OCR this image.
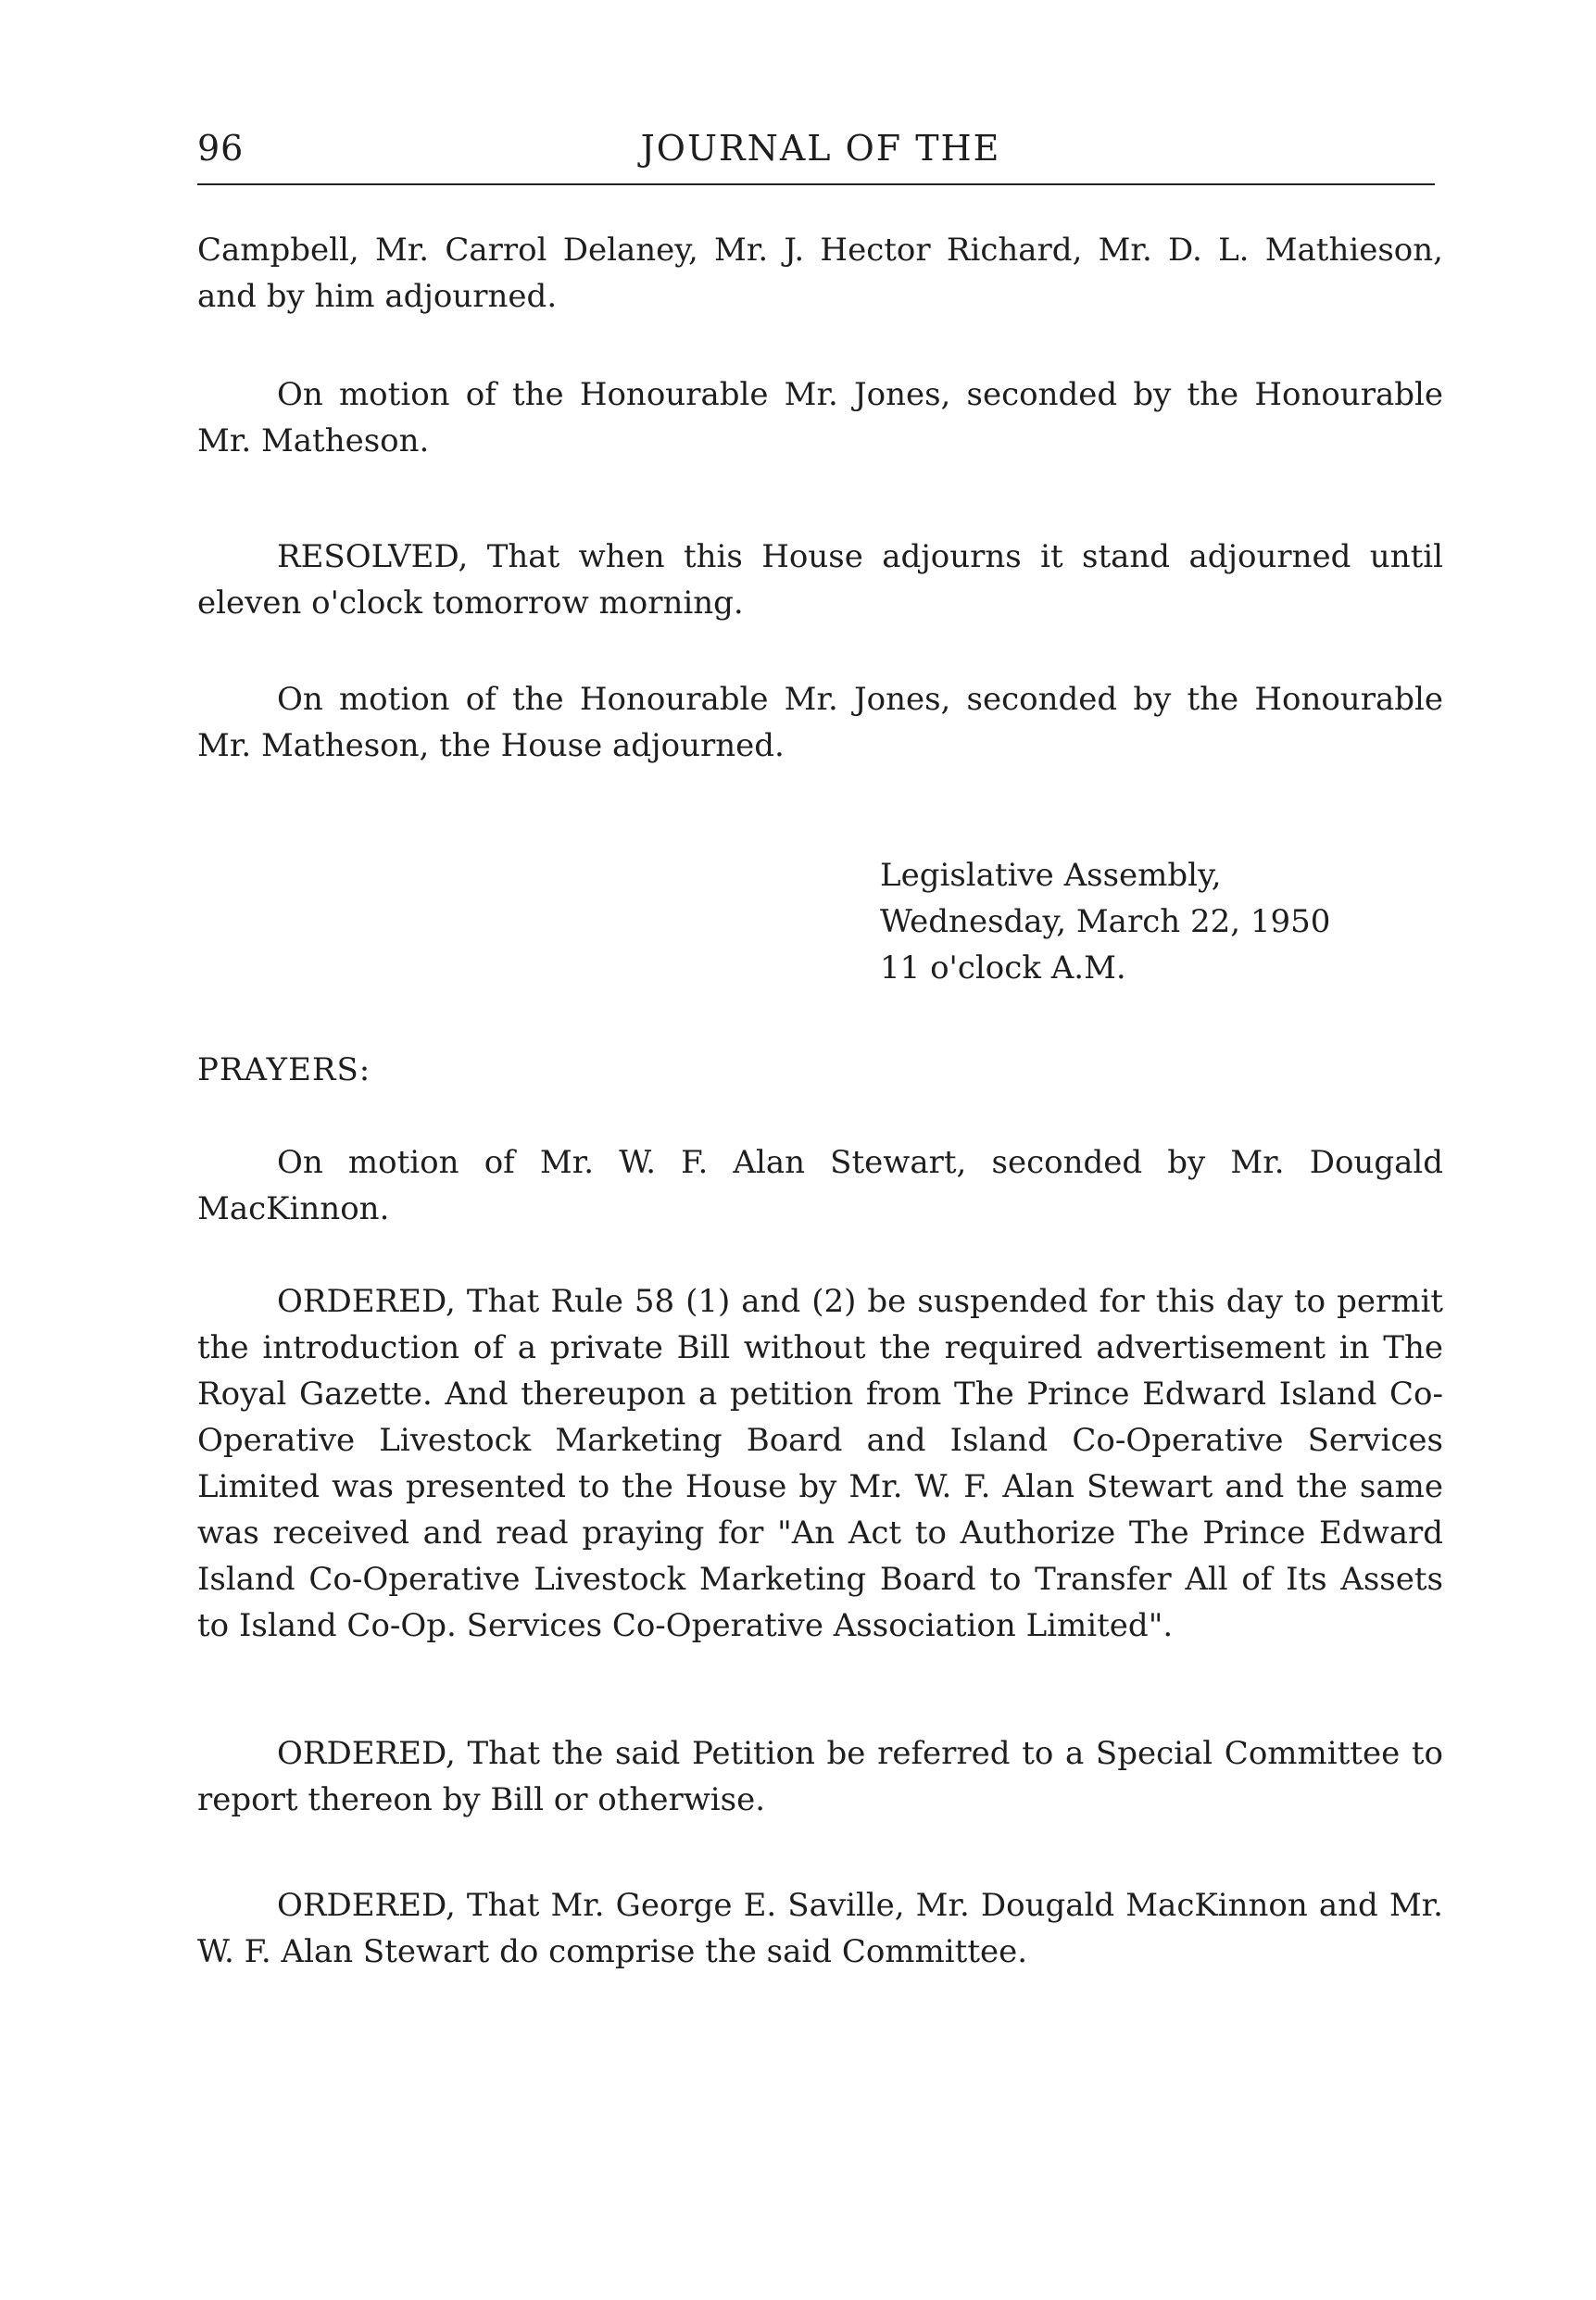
96	JOURNAL OF THE

Campbell, Mr. Carrol Delaney, Mr. J. Hector Richard, Mr. D. L. Mathieson, and by him adjourned.

On motion of the Honourable Mr. Jones, seconded by the Honourable Mr. Matheson.

RESOLVED, That when this House adjourns it stand adjourned until eleven o'clock tomorrow morning.

On motion of the Honourable Mr. Jones, seconded by the Honourable Mr. Matheson, the House adjourned.

Legislative Assembly,
Wednesday, March 22, 1950
11 o'clock A.M.
PRAYERS:

On motion of Mr. W. F. Alan Stewart, seconded by Mr. Dougald MacKinnon.

ORDERED, That Rule 58 (1) and (2) be suspended for this day to permit the introduction of a private Bill without the required advertisement in The Royal Gazette. And thereupon a petition from The Prince Edward Island Co-Operative Livestock Marketing Board and Island Co-Operative Services Limited was presented to the House by Mr. W. F. Alan Stewart and the same was received and read praying for "An Act to Authorize The Prince Edward Island Co-Operative Livestock Marketing Board to Transfer All of Its Assets to Island Co-Op. Services Co-Operative Association Limited".

ORDERED, That the said Petition be referred to a Special Committee to report thereon by Bill or otherwise.

ORDERED, That Mr. George E. Saville, Mr. Dougald MacKinnon and Mr. W. F. Alan Stewart do comprise the said Committee.
